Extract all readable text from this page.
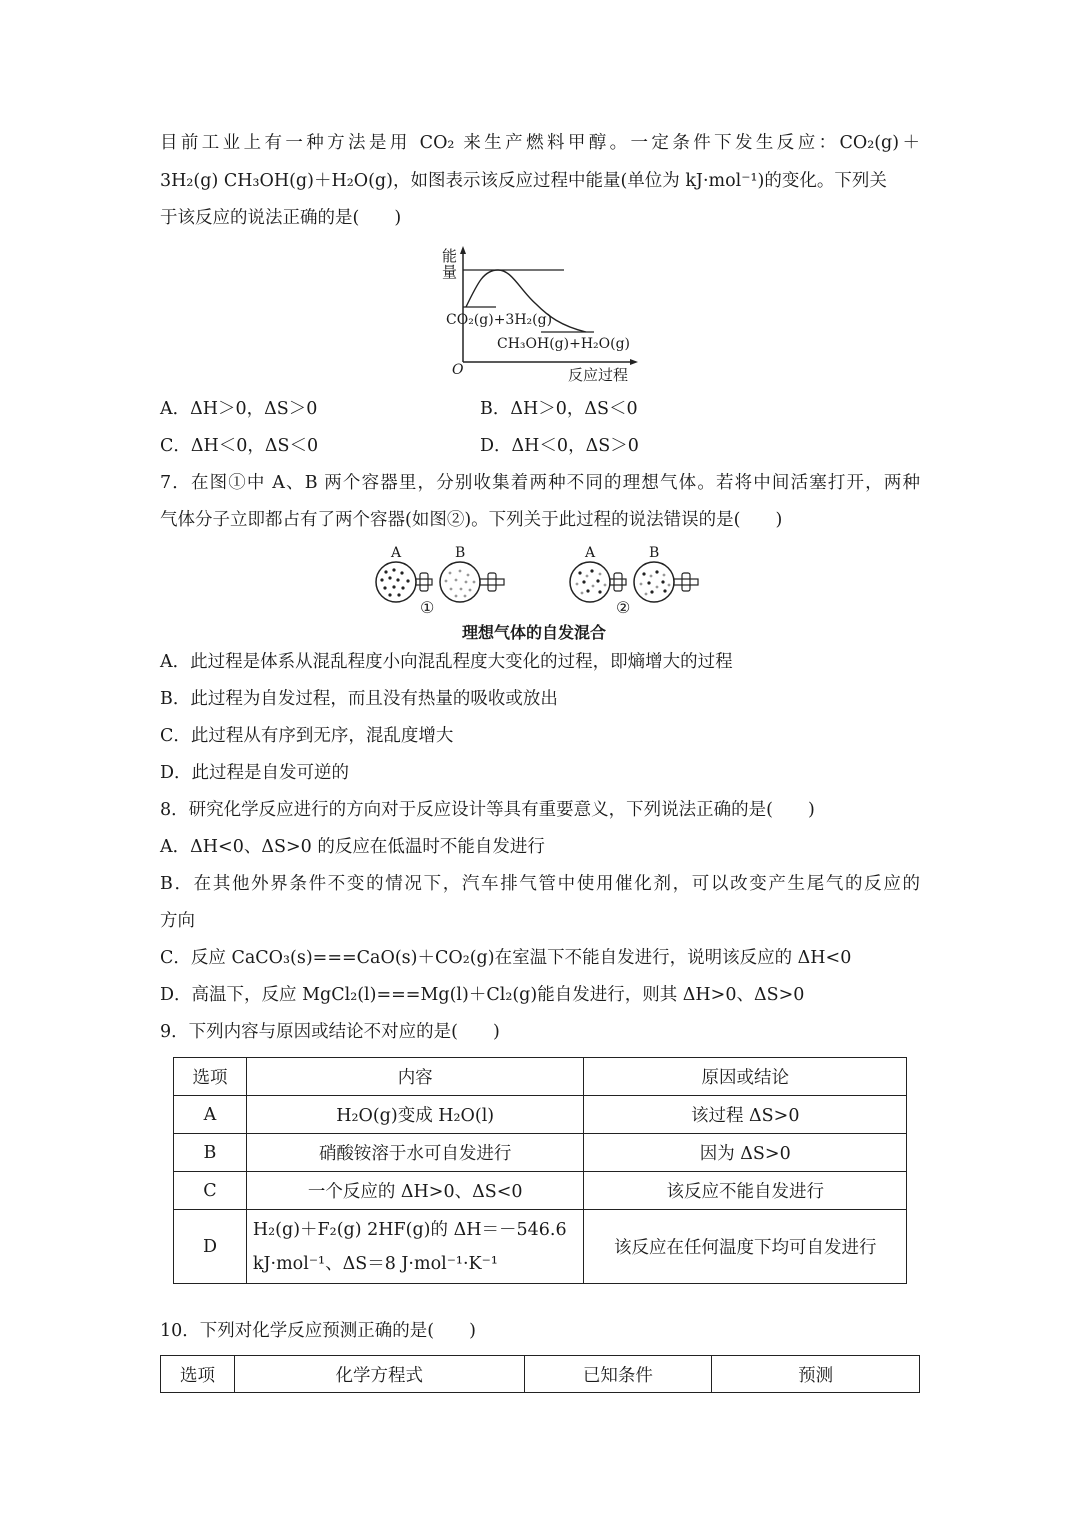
目前工业上有一种方法是用 CO₂ 来生产燃料甲醇。一定条件下发生反应：CO₂(g)＋
3H₂(g) CH₃OH(g)＋H₂O(g)，如图表示该反应过程中能量(单位为 kJ·mol⁻¹)的变化。下列关
于该反应的说法正确的是(　　)
能量
CO₂(g)+3H₂(g)
CH₃OH(g)+H₂O(g)
O	反应过程
A．ΔH＞0，ΔS＞0	B．ΔH＞0，ΔS＜0
C．ΔH＜0，ΔS＜0	D．ΔH＜0，ΔS＞0
7．在图①中 A、B 两个容器里，分别收集着两种不同的理想气体。若将中间活塞打开，两种
气体分子立即都占有了两个容器(如图②)。下列关于此过程的说法错误的是(　　)
A	B
①
A	B
②
理想气体的自发混合
A．此过程是体系从混乱程度小向混乱程度大变化的过程，即熵增大的过程
B．此过程为自发过程，而且没有热量的吸收或放出
C．此过程从有序到无序，混乱度增大
D．此过程是自发可逆的
8．研究化学反应进行的方向对于反应设计等具有重要意义，下列说法正确的是(　　)
A．ΔH<0、ΔS>0 的反应在低温时不能自发进行
B．在其他外界条件不变的情况下，汽车排气管中使用催化剂，可以改变产生尾气的反应的
方向
C．反应 CaCO₃(s)===CaO(s)＋CO₂(g)在室温下不能自发进行，说明该反应的 ΔH<0
D．高温下，反应 MgCl₂(l)===Mg(l)＋Cl₂(g)能自发进行，则其 ΔH>0、ΔS>0
9．下列内容与原因或结论不对应的是(　　)
选项	内容	原因或结论
A	H₂O(g)变成 H₂O(l)	该过程 ΔS>0
B	硝酸铵溶于水可自发进行	因为 ΔS>0
C	一个反应的 ΔH>0、ΔS<0	该反应不能自发进行
D	H₂(g)＋F₂(g) 2HF(g)的 ΔH＝－546.6
kJ·mol⁻¹、ΔS＝8 J·mol⁻¹·K⁻¹	该反应在任何温度下均可自发进行
10．下列对化学反应预测正确的是(　　)
选项	化学方程式	已知条件	预测
